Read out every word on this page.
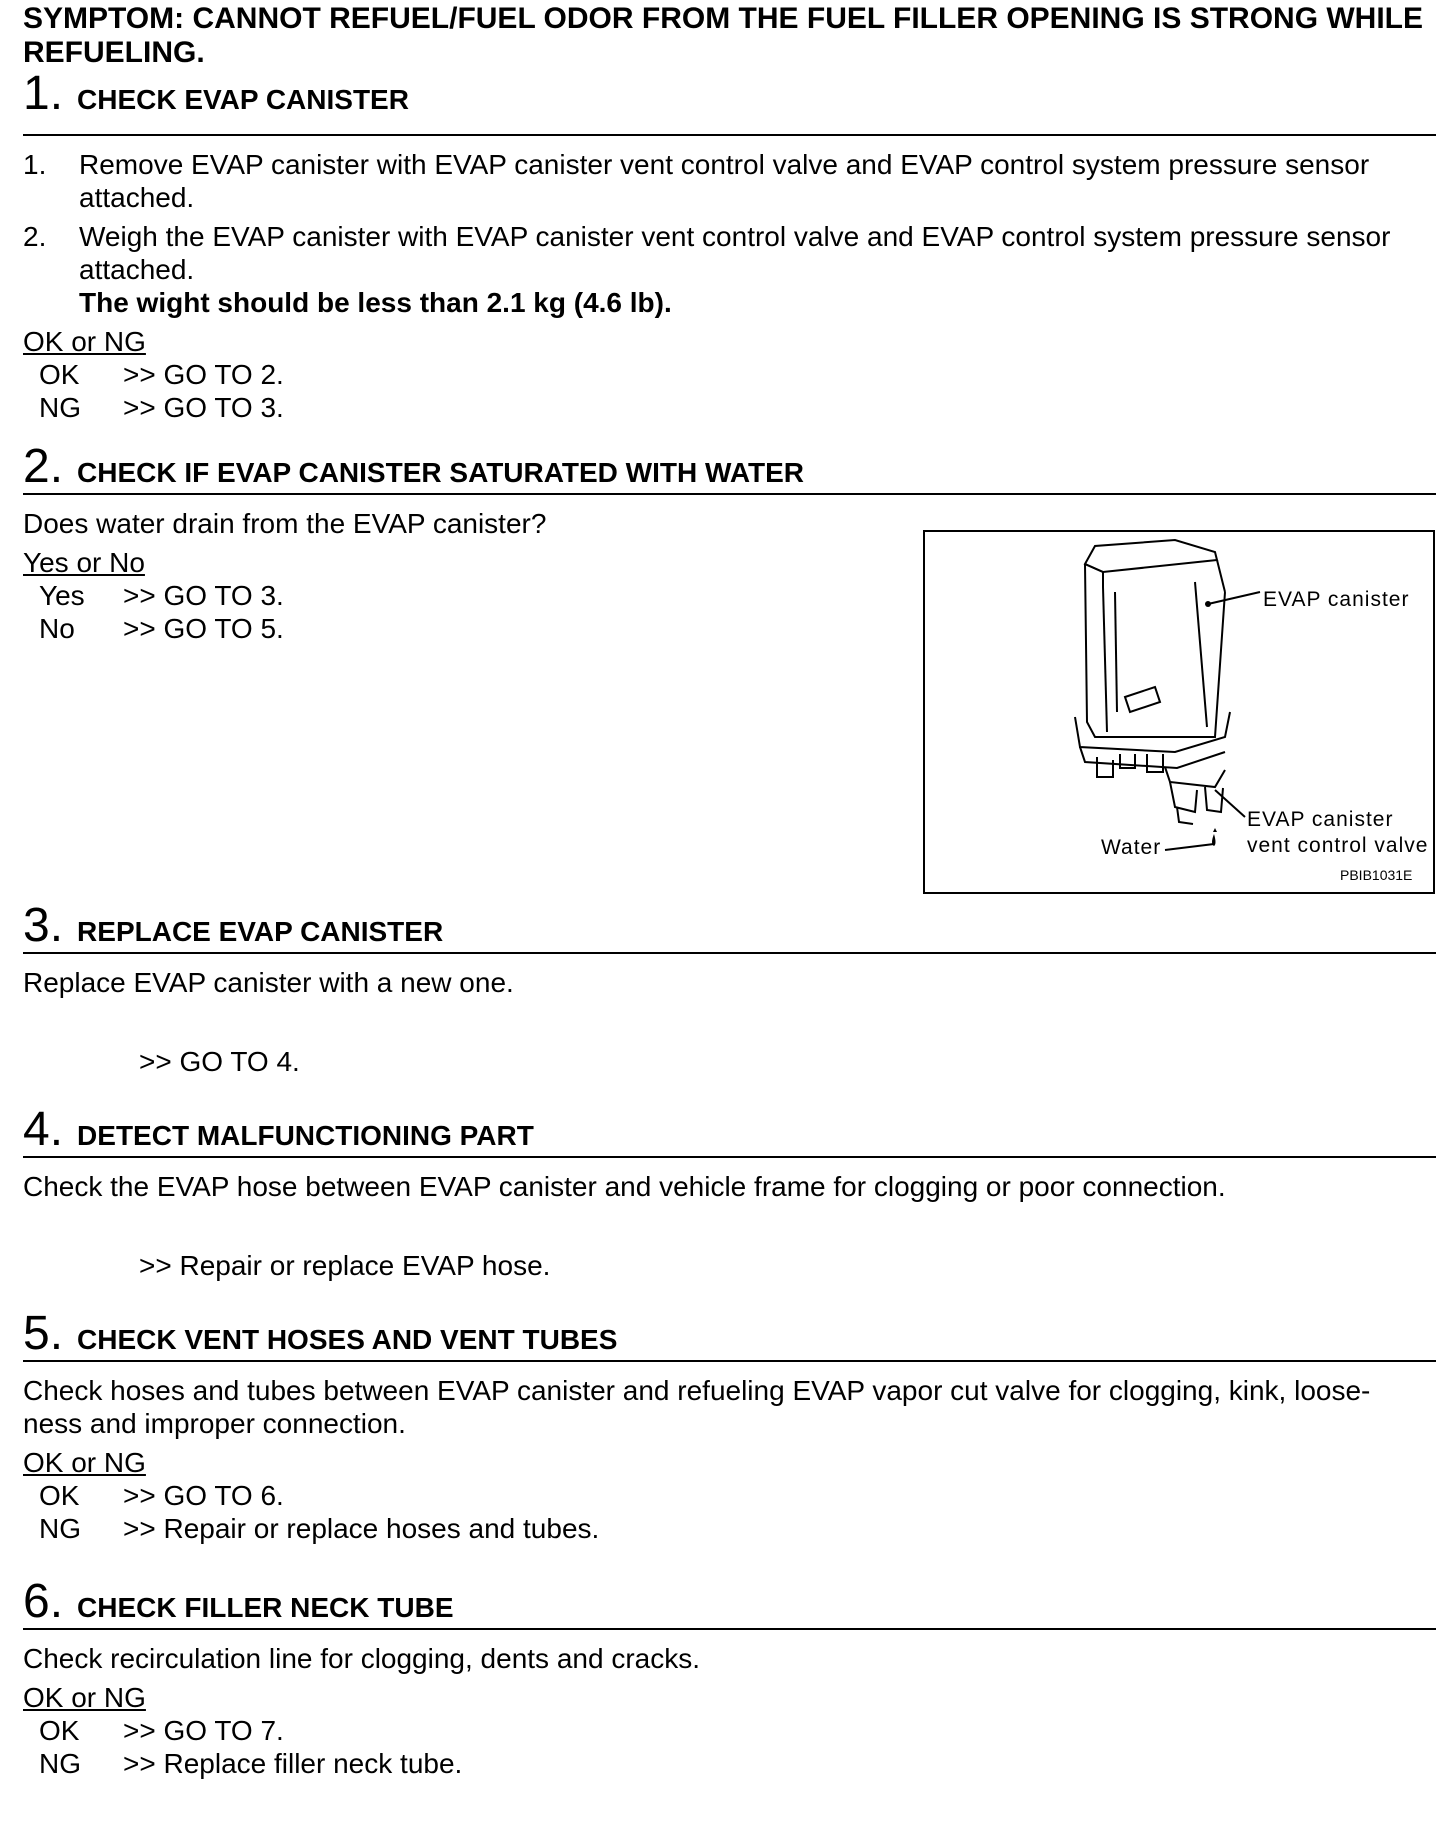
SYMPTOM: CANNOT REFUEL/FUEL ODOR FROM THE FUEL FILLER OPENING IS STRONG WHILE REFUELING.
1 . CHECK EVAP CANISTER
1.	Remove EVAP canister with EVAP canister vent control valve and EVAP control system pressure sensor attached.
2.	Weigh the EVAP canister with EVAP canister vent control valve and EVAP control system pressure sensor attached.
The wight should be less than 2.1 kg (4.6 lb).
OK or NG
OK	>> GO TO 2.
NG	>> GO TO 3.
2 . CHECK IF EVAP CANISTER SATURATED WITH WATER
Does water drain from the EVAP canister?
Yes or No
Yes	>> GO TO 3.
No	>> GO TO 5.
EVAP canister
EVAP canister
vent control valve
Water
PBIB1031E
3 . REPLACE EVAP CANISTER
Replace EVAP canister with a new one.
>> GO TO 4.
4 . DETECT MALFUNCTIONING PART
Check the EVAP hose between EVAP canister and vehicle frame for clogging or poor connection.
>> Repair or replace EVAP hose.
5 . CHECK VENT HOSES AND VENT TUBES
Check hoses and tubes between EVAP canister and refueling EVAP vapor cut valve for clogging, kink, loose-
ness and improper connection.
OK or NG
OK	>> GO TO 6.
NG	>> Repair or replace hoses and tubes.
6 . CHECK FILLER NECK TUBE
Check recirculation line for clogging, dents and cracks.
OK or NG
OK	>> GO TO 7.
NG	>> Replace filler neck tube.
